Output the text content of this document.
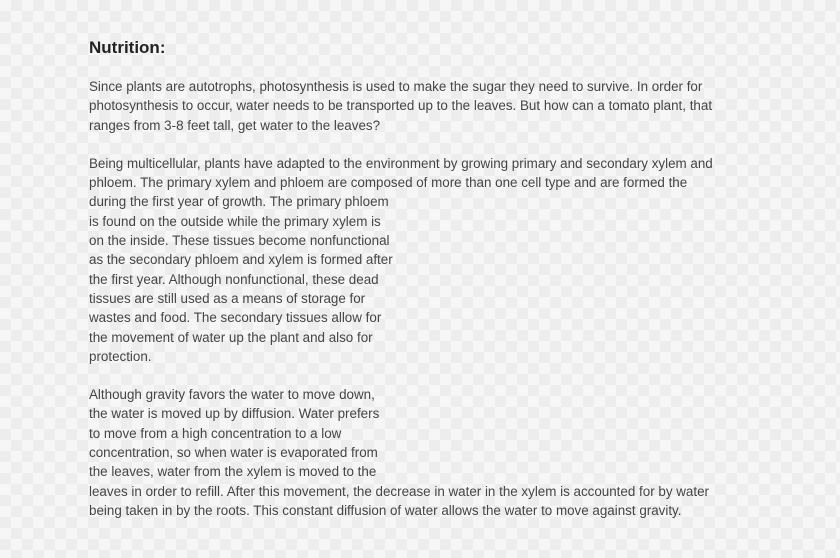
Nutrition:

Since plants are autotrophs, photosynthesis is used to make the sugar they need to survive. In order for
photosynthesis to occur, water needs to be transported up to the leaves. But how can a tomato plant, that
ranges from 3-8 feet tall, get water to the leaves?

Being multicellular, plants have adapted to the environment by growing primary and secondary xylem and
phloem. The primary xylem and phloem are composed of more than one cell type and are formed the
during the first year of growth. The primary phloem
is found on the outside while the primary xylem is
on the inside. These tissues become nonfunctional
as the secondary phloem and xylem is formed after
the first year. Although nonfunctional, these dead
tissues are still used as a means of storage for
wastes and food. The secondary tissues allow for
the movement of water up the plant and also for
protection.

Although gravity favors the water to move down,
the water is moved up by diffusion. Water prefers
to move from a high concentration to a low
concentration, so when water is evaporated from
the leaves, water from the xylem is moved to the
leaves in order to refill. After this movement, the decrease in water in the xylem is accounted for by water
being taken in by the roots. This constant diffusion of water allows the water to move against gravity.
